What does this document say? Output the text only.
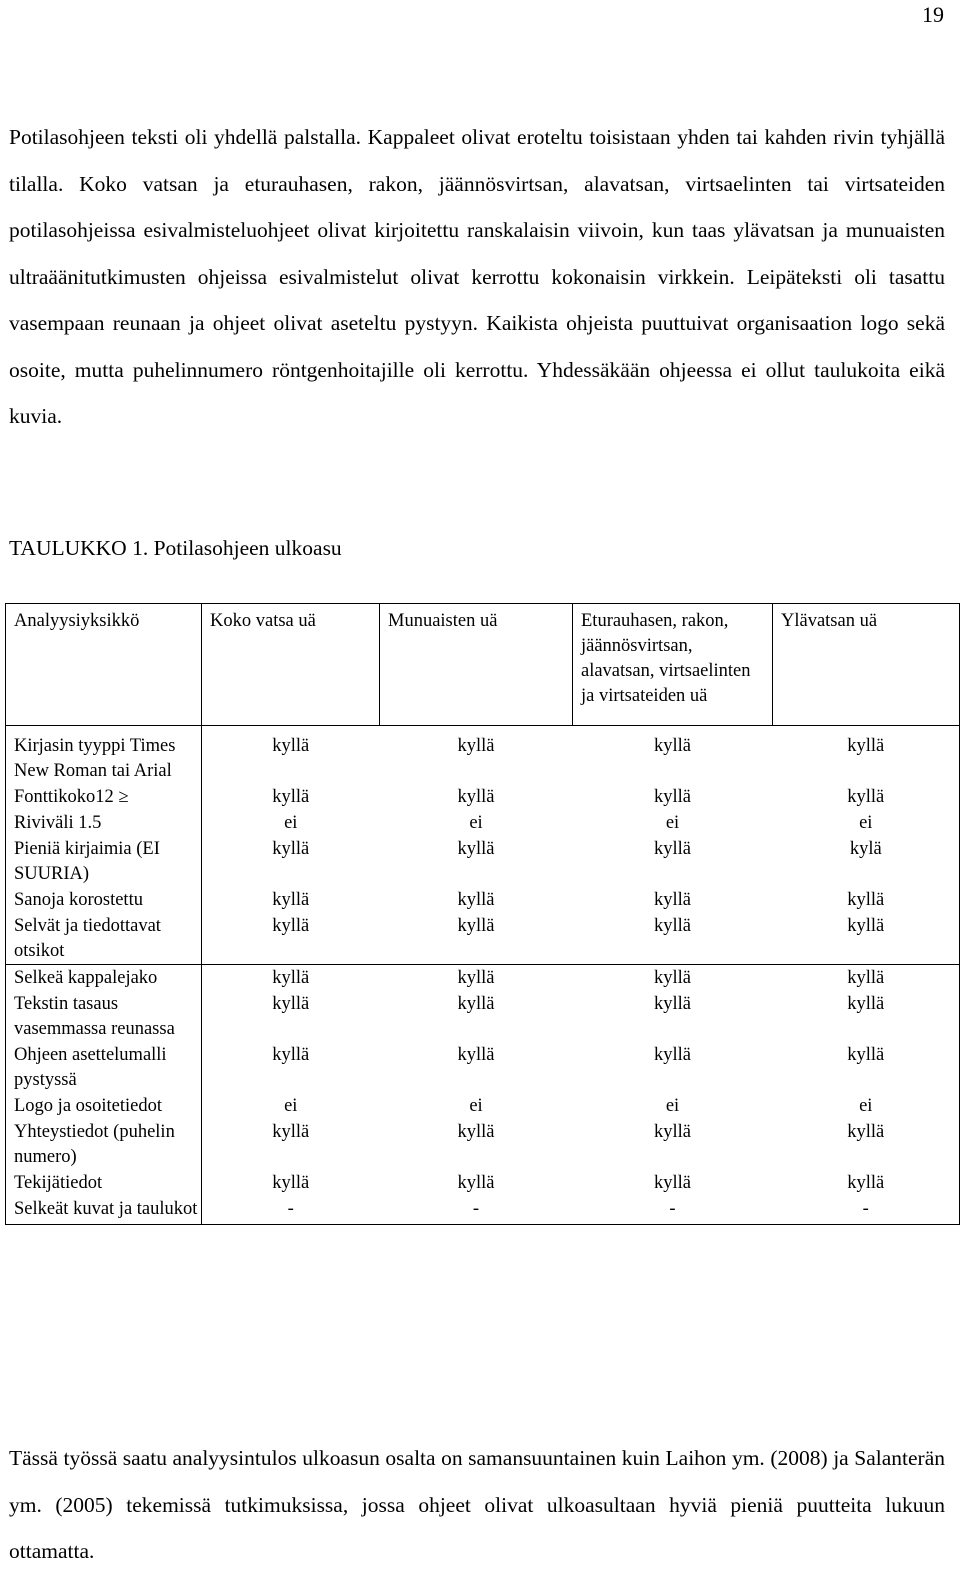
19

Potilasohjeen teksti oli yhdellä palstalla. Kappaleet olivat eroteltu toisistaan yhden tai kahden rivin tyhjällä tilalla. Koko vatsan ja eturauhasen, rakon, jäännösvirtsan, alavatsan, virtsaelinten tai virtsateiden potilasohjeissa esivalmisteluohjeet olivat kirjoitettu ranskalaisin viivoin, kun taas ylävatsan ja munuaisten ultraäänitutkimusten ohjeissa esivalmistelut olivat kerrottu kokonaisin virkkein. Leipäteksti oli tasattu vasempaan reunaan ja ohjeet olivat aseteltu pystyyn. Kaikista ohjeista puuttuivat organisaation logo sekä osoite, mutta puhelinnumero röntgenhoitajille oli kerrottu. Yhdessäkään ohjeessa ei ollut taulukoita eikä kuvia.

TAULUKKO 1. Potilasohjeen ulkoasu
Analyysiyksikkö	Koko vatsa uä	Munuaisten uä	Eturauhasen, rakon, jäännösvirtsan, alavatsan, virtsaelinten ja virtsateiden uä	Ylävatsan uä
Kirjasin tyyppi Times New Roman tai Arial	kyllä	kyllä	kyllä	kyllä
Fonttikoko12 ≥	kyllä	kyllä	kyllä	kyllä
Riviväli 1.5	ei	ei	ei	ei
Pieniä kirjaimia (EI SUURIA)	kyllä	kyllä	kyllä	kylä
Sanoja korostettu	kyllä	kyllä	kyllä	kyllä
Selvät ja tiedottavat otsikot	kyllä	kyllä	kyllä	kyllä
Selkeä kappalejako	kyllä	kyllä	kyllä	kyllä
Tekstin tasaus vasemmassa reunassa	kyllä	kyllä	kyllä	kyllä
Ohjeen asettelumalli pystyssä	kyllä	kyllä	kyllä	kyllä
Logo ja osoitetiedot	ei	ei	ei	ei
Yhteystiedot (puhelin numero)	kyllä	kyllä	kyllä	kyllä
Tekijätiedot	kyllä	kyllä	kyllä	kyllä
Selkeät kuvat ja taulukot	-	-	-	-

Tässä työssä saatu analyysintulos ulkoasun osalta on samansuuntainen kuin Laihon ym. (2008) ja Salanterän ym. (2005) tekemissä tutkimuksissa, jossa ohjeet olivat ulkoasultaan hyviä pieniä puutteita lukuun ottamatta.
